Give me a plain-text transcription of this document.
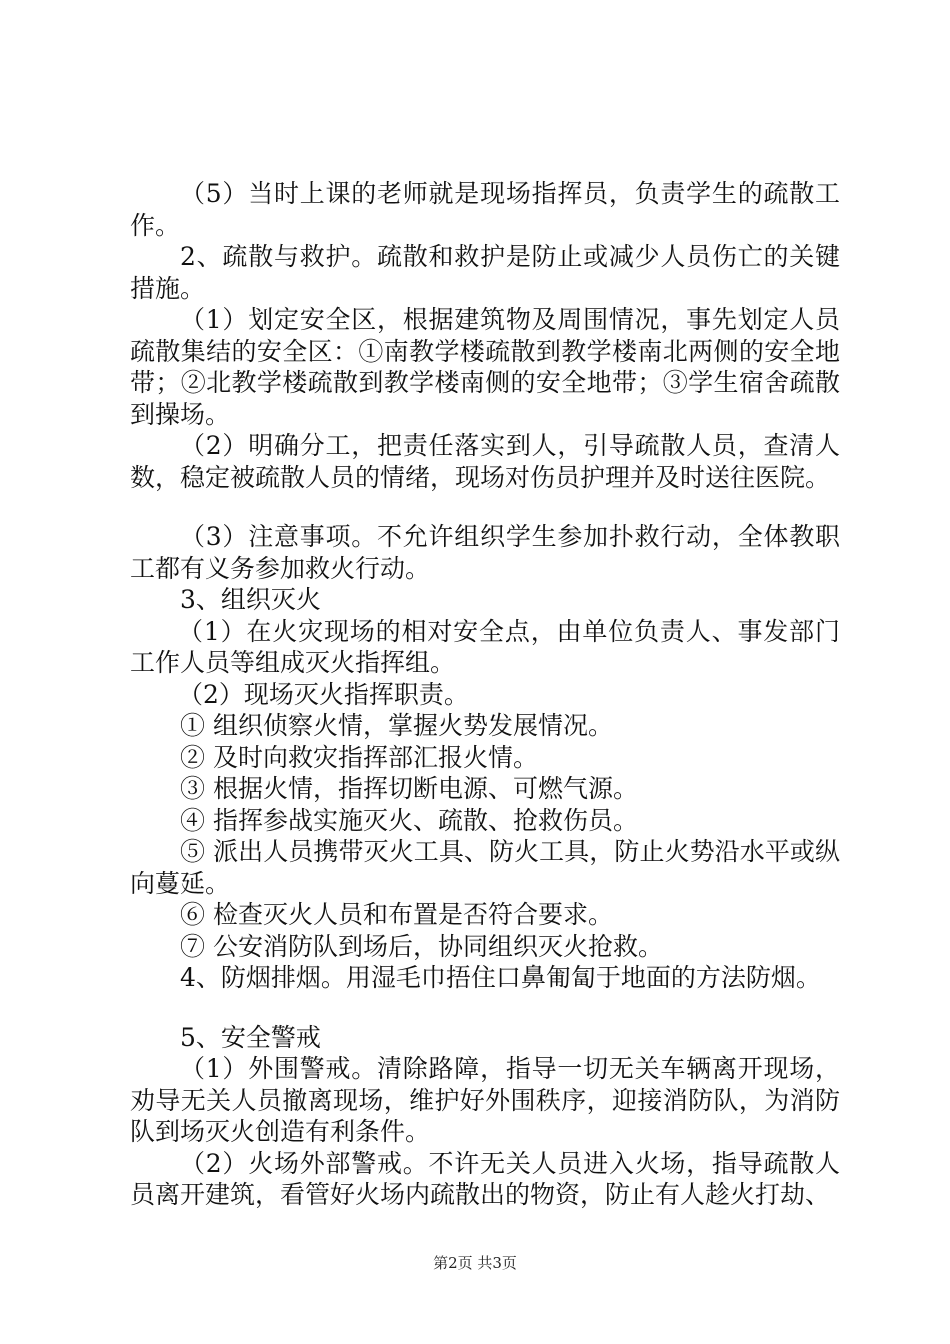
（5）当时上课的老师就是现场指挥员，负责学生的疏散工作。

2、疏散与救护。疏散和救护是防止或减少人员伤亡的关键措施。

（1）划定安全区，根据建筑物及周围情况，事先划定人员疏散集结的安全区：①南教学楼疏散到教学楼南北两侧的安全地带；②北教学楼疏散到教学楼南侧的安全地带；③学生宿舍疏散到操场。

（2）明确分工，把责任落实到人，引导疏散人员，查清人数，稳定被疏散人员的情绪，现场对伤员护理并及时送往医院。

（3）注意事项。不允许组织学生参加扑救行动，全体教职工都有义务参加救火行动。

3、组织灭火

（1）在火灾现场的相对安全点，由单位负责人、事发部门工作人员等组成灭火指挥组。

（2）现场灭火指挥职责。

① 组织侦察火情，掌握火势发展情况。

② 及时向救灾指挥部汇报火情。

③ 根据火情，指挥切断电源、可燃气源。

④ 指挥参战实施灭火、疏散、抢救伤员。

⑤ 派出人员携带灭火工具、防火工具，防止火势沿水平或纵向蔓延。

⑥ 检查灭火人员和布置是否符合要求。

⑦ 公安消防队到场后，协同组织灭火抢救。

4、防烟排烟。用湿毛巾捂住口鼻匍匐于地面的方法防烟。

5、安全警戒

（1）外围警戒。清除路障，指导一切无关车辆离开现场，劝导无关人员撤离现场，维护好外围秩序，迎接消防队，为消防队到场灭火创造有利条件。

（2）火场外部警戒。不许无关人员进入火场，指导疏散人员离开建筑，看管好火场内疏散出的物资，防止有人趁火打劫、

第2页 共3页
